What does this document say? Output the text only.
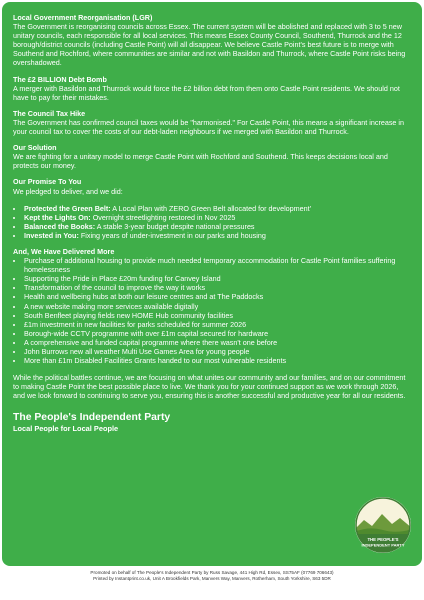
Local Government Reorganisation (LGR)

The Government is reorganising councils across Essex. The current system will be abolished and replaced with 3 to 5 new unitary councils, each responsible for all local services. This means Essex County Council, Southend, Thurrock and the 12 borough/district councils (including Castle Point) will all disappear. We believe Castle Point's best future is to merge with Southend and Rochford, where communities are similar and not with Basildon and Thurrock, where Castle Point risks being overshadowed.

The £2 BILLION Debt Bomb

A merger with Basildon and Thurrock would force the £2 billion debt from them onto Castle Point residents. We should not have to pay for their mistakes.

The Council Tax Hike

The Government has confirmed council taxes would be "harmonised." For Castle Point, this means a significant increase in your council tax to cover the costs of our debt-laden neighbours if we merged with Basildon and Thurrock.

Our Solution

We are fighting for a unitary model to merge Castle Point with Rochford and Southend. This keeps decisions local and protects our money.

Our Promise To You

We pledged to deliver, and we did:

• Protected the Green Belt: A Local Plan with ZERO Green Belt allocated for development'
• Kept the Lights On: Overnight streetlighting restored in Nov 2025
• Balanced the Books: A stable 3-year budget despite national pressures
• Invested in You: Fixing years of under-investment in our parks and housing
And, We Have Delivered More
• Purchase of additional housing to provide much needed temporary accommodation for Castle Point families suffering homelessness
• Supporting the Pride in Place £20m funding for Canvey Island
• Transformation of the council to improve the way it works
• Health and wellbeing hubs at both our leisure centres and at The Paddocks
• A new website making more services available digitally
• South Benfleet playing fields new HOME Hub community facilities
• £1m investment in new facilities for parks scheduled for summer 2026
• Borough-wide CCTV programme with over £1m capital secured for hardware
• A comprehensive and funded capital programme where there wasn't one before
• John Burrows new all weather Multi Use Games Area for young people
• More than £1m Disabled Facilities Grants handed to our most vulnerable residents

While the political battles continue, we are focusing on what unites our community and our families, and on our commitment to making Castle Point the best possible place to live. We thank you for your continued support as we work through 2026, and we look forward to continuing to serve you, ensuring this is another successful and productive year for all our residents.

The People's Independent Party
Local People for Local People
THE PEOPLE'S
INDEPENDENT PARTY
Promoted on behalf of The People's Independent Party by Russ Savage, 441 High Rd, Essex, SS75AF (07769 706643)
Printed by Instantprint.co.uk, Unit A Brookfields Park, Manvers Way, Manvers, Rotherham, South Yorkshire, S63 5DR
